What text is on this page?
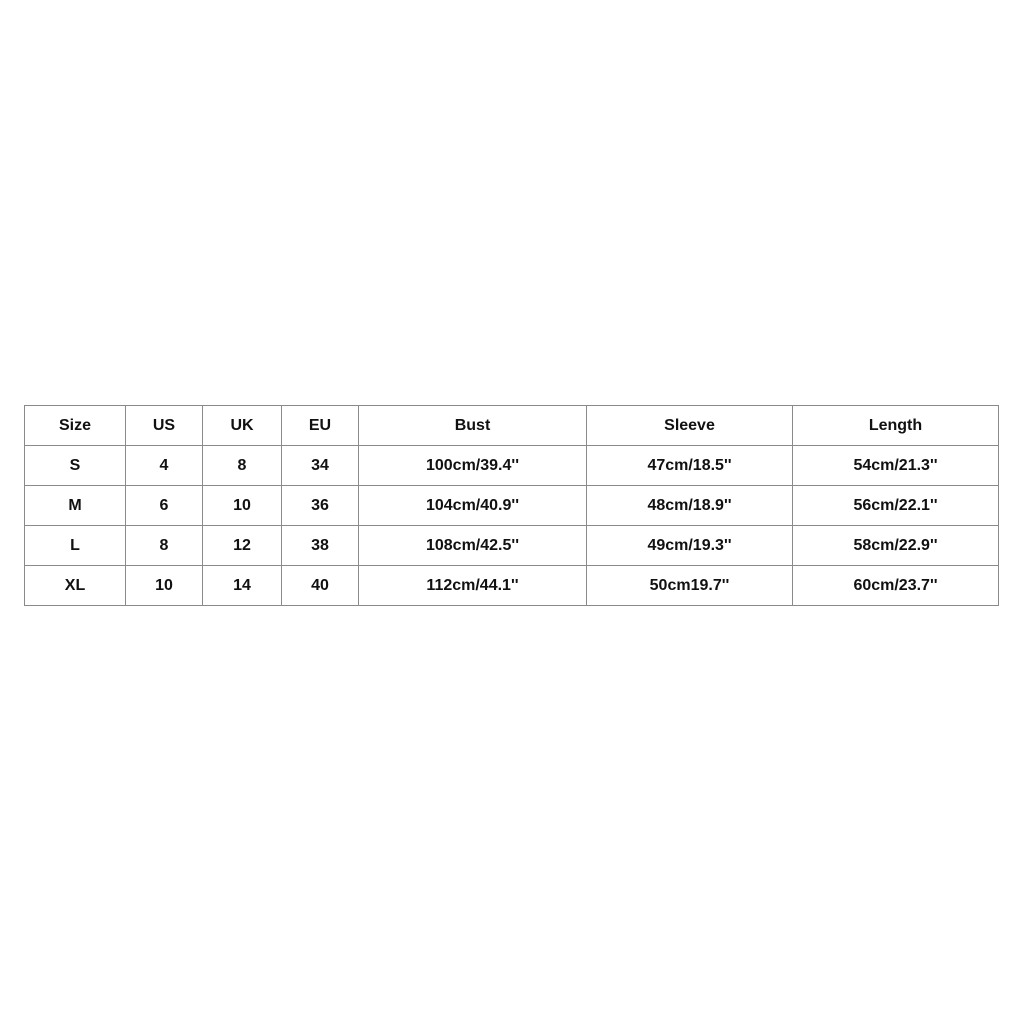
Size	US	UK	EU	Bust	Sleeve	Length
S	4	8	34	100cm/39.4''	47cm/18.5''	54cm/21.3''
M	6	10	36	104cm/40.9''	48cm/18.9''	56cm/22.1''
L	8	12	38	108cm/42.5''	49cm/19.3''	58cm/22.9''
XL	10	14	40	112cm/44.1''	50cm19.7''	60cm/23.7''
